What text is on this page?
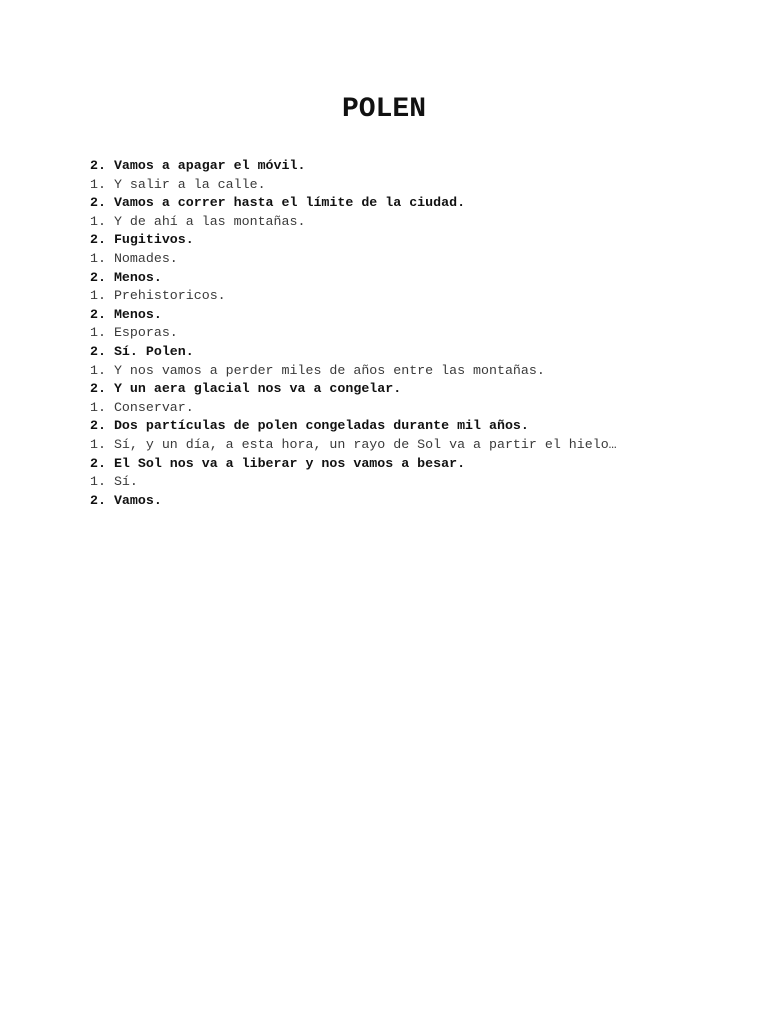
POLEN
2. Vamos a apagar el móvil.
1. Y salir a la calle.
2. Vamos a correr hasta el límite de la ciudad.
1. Y de ahí a las montañas.
2. Fugitivos.
1. Nomades.
2. Menos.
1. Prehistoricos.
2. Menos.
1. Esporas.
2. Sí. Polen.
1. Y nos vamos a perder miles de años entre las montañas.
2. Y un aera glacial nos va a congelar.
1. Conservar.
2. Dos partículas de polen congeladas durante mil años.
1. Sí, y un día, a esta hora, un rayo de Sol va a partir el hielo…
2. El Sol nos va a liberar y nos vamos a besar.
1. Sí.
2. Vamos.
